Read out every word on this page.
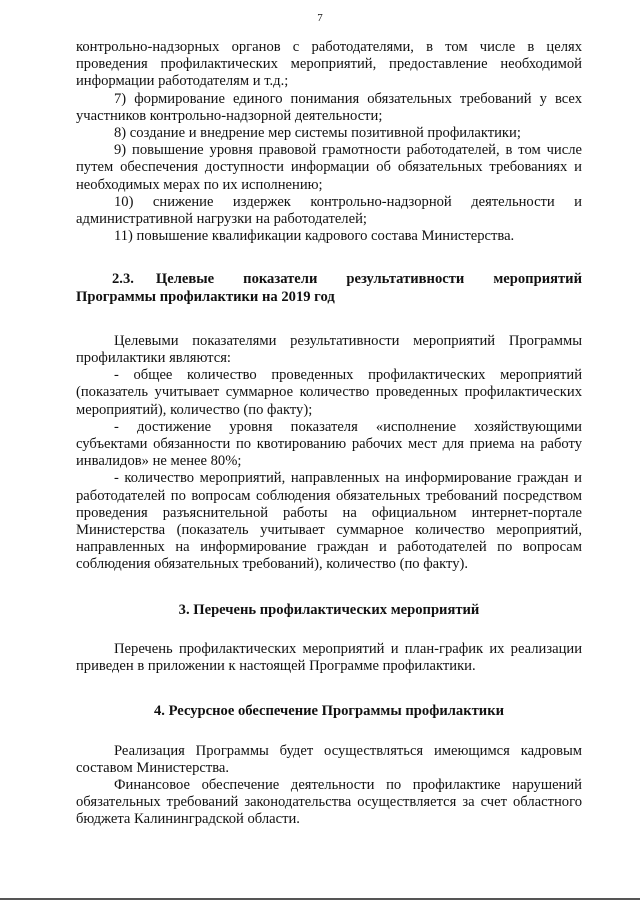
7

контрольно-надзорных органов с работодателями, в том числе в целях проведения профилактических мероприятий, предоставление необходимой информации работодателям и т.д.;

7) формирование единого понимания обязательных требований у всех участников контрольно-надзорной деятельности;

8) создание и внедрение мер системы позитивной профилактики;

9) повышение уровня правовой грамотности работодателей, в том числе путем обеспечения доступности информации об обязательных требованиях и необходимых мерах по их исполнению;

10) снижение издержек контрольно-надзорной деятельности и административной нагрузки на работодателей;

11) повышение квалификации кадрового состава Министерства.

2.3. Целевые показатели результативности мероприятий Программы профилактики на 2019 год

Целевыми показателями результативности мероприятий Программы профилактики являются:

- общее количество проведенных профилактических мероприятий (показатель учитывает суммарное количество проведенных профилактических мероприятий), количество (по факту);

- достижение уровня показателя «исполнение хозяйствующими субъектами обязанности по квотированию рабочих мест для приема на работу инвалидов» не менее 80%;

- количество мероприятий, направленных на информирование граждан и работодателей по вопросам соблюдения обязательных требований посредством проведения разъяснительной работы на официальном интернет-портале Министерства (показатель учитывает суммарное количество мероприятий, направленных на информирование граждан и работодателей по вопросам соблюдения обязательных требований), количество (по факту).

3. Перечень профилактических мероприятий

Перечень профилактических мероприятий и план-график их реализации приведен в приложении к настоящей Программе профилактики.

4. Ресурсное обеспечение Программы профилактики

Реализация Программы будет осуществляться имеющимся кадровым составом Министерства.

Финансовое обеспечение деятельности по профилактике нарушений обязательных требований законодательства осуществляется за счет областного бюджета Калининградской области.
